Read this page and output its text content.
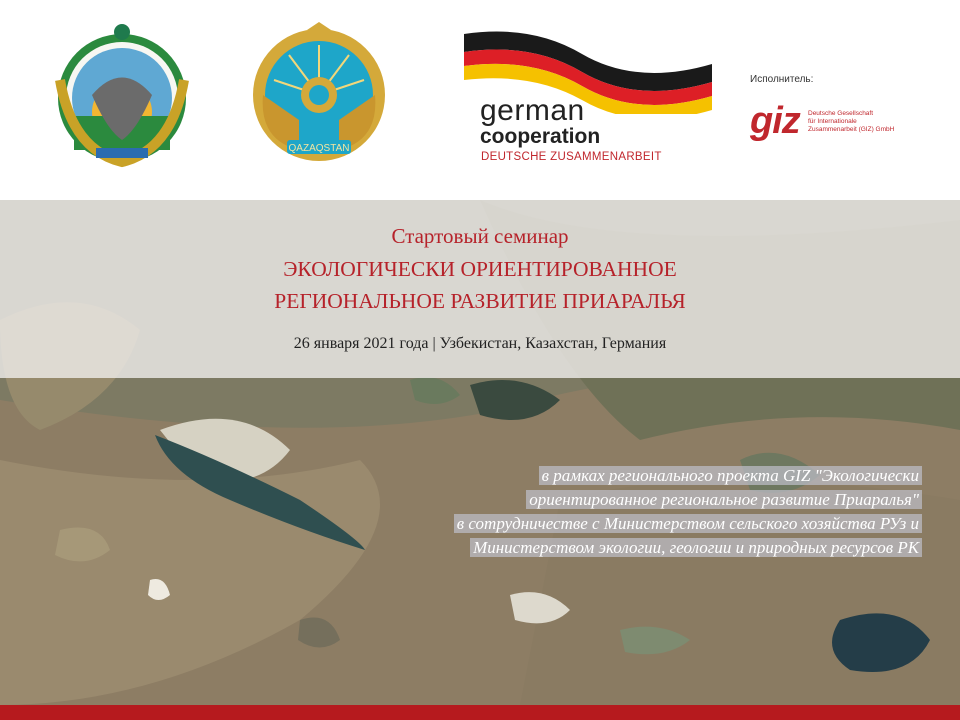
QAZAQSTAN
german
cooperation
DEUTSCHE ZUSAMMENARBEIT
Исполнитель:
giz Deutsche Gesellschaft
für Internationale
Zusammenarbeit (GIZ) GmbH
Стартовый семинар
ЭКОЛОГИЧЕСКИ ОРИЕНТИРОВАННОЕ
РЕГИОНАЛЬНОЕ РАЗВИТИЕ ПРИАРАЛЬЯ
26 января 2021 года | Узбекистан, Казахстан, Германия
в рамках регионального проекта GIZ "Экологически
ориентированное региональное развитие Приаралья"
в сотрудничестве с Министерством сельского хозяйства РУз и
Министерством экологии, геологии и природных ресурсов РК
